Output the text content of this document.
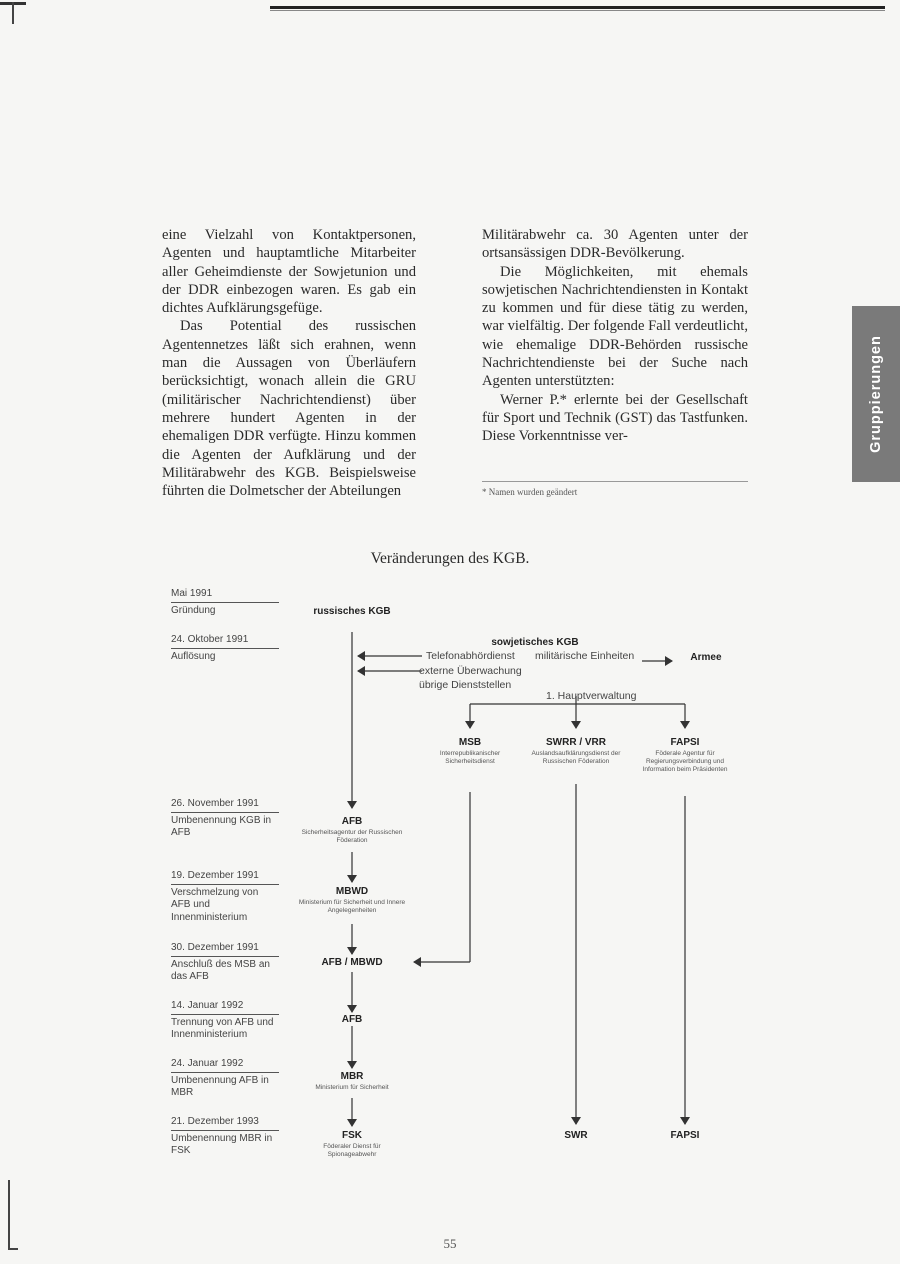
eine Vielzahl von Kontaktpersonen, Agenten und hauptamtliche Mitarbeiter aller Geheimdienste der Sowjetunion und der DDR einbezogen waren. Es gab ein dichtes Aufklärungsgefüge.

Das Potential des russischen Agentennetzes läßt sich erahnen, wenn man die Aussagen von Überläufern berücksichtigt, wonach allein die GRU (militärischer Nachrichtendienst) über mehrere hundert Agenten in der ehemaligen DDR verfügte. Hinzu kommen die Agenten der Aufklärung und der Militärabwehr des KGB. Beispielsweise führten die Dolmetscher der Abteilungen

Militärabwehr ca. 30 Agenten unter der ortsansässigen DDR-Bevölkerung.

Die Möglichkeiten, mit ehemals sowjetischen Nachrichtendiensten in Kontakt zu kommen und für diese tätig zu werden, war vielfältig. Der folgende Fall verdeutlicht, wie ehemalige DDR-Behörden russische Nachrichtendienste bei der Suche nach Agenten unterstützten:

Werner P.* erlernte bei der Gesellschaft für Sport und Technik (GST) das Tastfunken. Diese Vorkenntnisse ver-

* Namen wurden geändert
Gruppierungen
Veränderungen des KGB.
Mai 1991
Gründung
24. Oktober 1991
Auflösung
26. November 1991
Umbenennung KGB in AFB
19. Dezember 1991
Verschmelzung von AFB und Innenministerium
30. Dezember 1991
Anschluß des MSB an das AFB
14. Januar 1992
Trennung von AFB und Innenministerium
24. Januar 1992
Umbenennung AFB in MBR
21. Dezember 1993
Umbenennung MBR in FSK
russisches KGB
sowjetisches KGB
Telefonabhördienst militärische Einheiten	Armee
externe Überwachung
übrige Dienststellen
1. Hauptverwaltung
MSB
Interrepublikanischer Sicherheitsdienst
SWRR / VRR
Auslandsaufklärungsdienst der Russischen Föderation
FAPSI
Föderale Agentur für Regierungsverbindung und Information beim Präsidenten
AFB
Sicherheitsagentur der Russischen Föderation
MBWD
Ministerium für Sicherheit und Innere Angelegenheiten
AFB / MBWD
AFB
MBR
Ministerium für Sicherheit
FSK
Föderaler Dienst für Spionageabwehr
SWR	FAPSI
55
